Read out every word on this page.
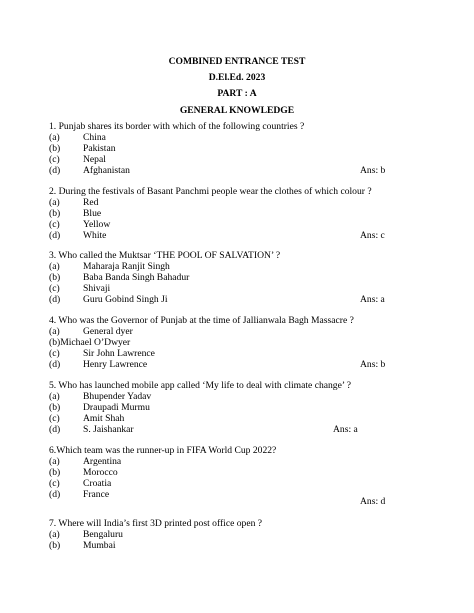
COMBINED ENTRANCE TEST
D.El.Ed. 2023
PART : A
GENERAL KNOWLEDGE
1. Punjab shares its border with which of the following countries ?
(a) China
(b) Pakistan
(c) Nepal
(d) Afghanistan	Ans: b
2. During the festivals of Basant Panchmi people wear the clothes of which colour ?
(a) Red
(b) Blue
(c) Yellow
(d) White	Ans: c
3. Who called the Muktsar ‘THE POOL OF SALVATION’ ?
(a) Maharaja Ranjit Singh
(b) Baba Banda Singh Bahadur
(c) Shivaji
(d) Guru Gobind Singh Ji	Ans: a
4. Who was the Governor of Punjab at the time of Jallianwala Bagh Massacre ?
(a) General dyer
(b)Michael O’Dwyer
(c) Sir John Lawrence
(d) Henry Lawrence	Ans: b
5. Who has launched mobile app called ‘My life to deal with climate change’ ?
(a) Bhupender Yadav
(b) Draupadi Murmu
(c) Amit Shah
(d) S. Jaishankar	Ans: a
6.Which team was the runner-up in FIFA World Cup 2022?
(a) Argentina
(b) Morocco
(c) Croatia
(d) France
Ans: d
7. Where will India’s first 3D printed post office open ?
(a) Bengaluru
(b) Mumbai
